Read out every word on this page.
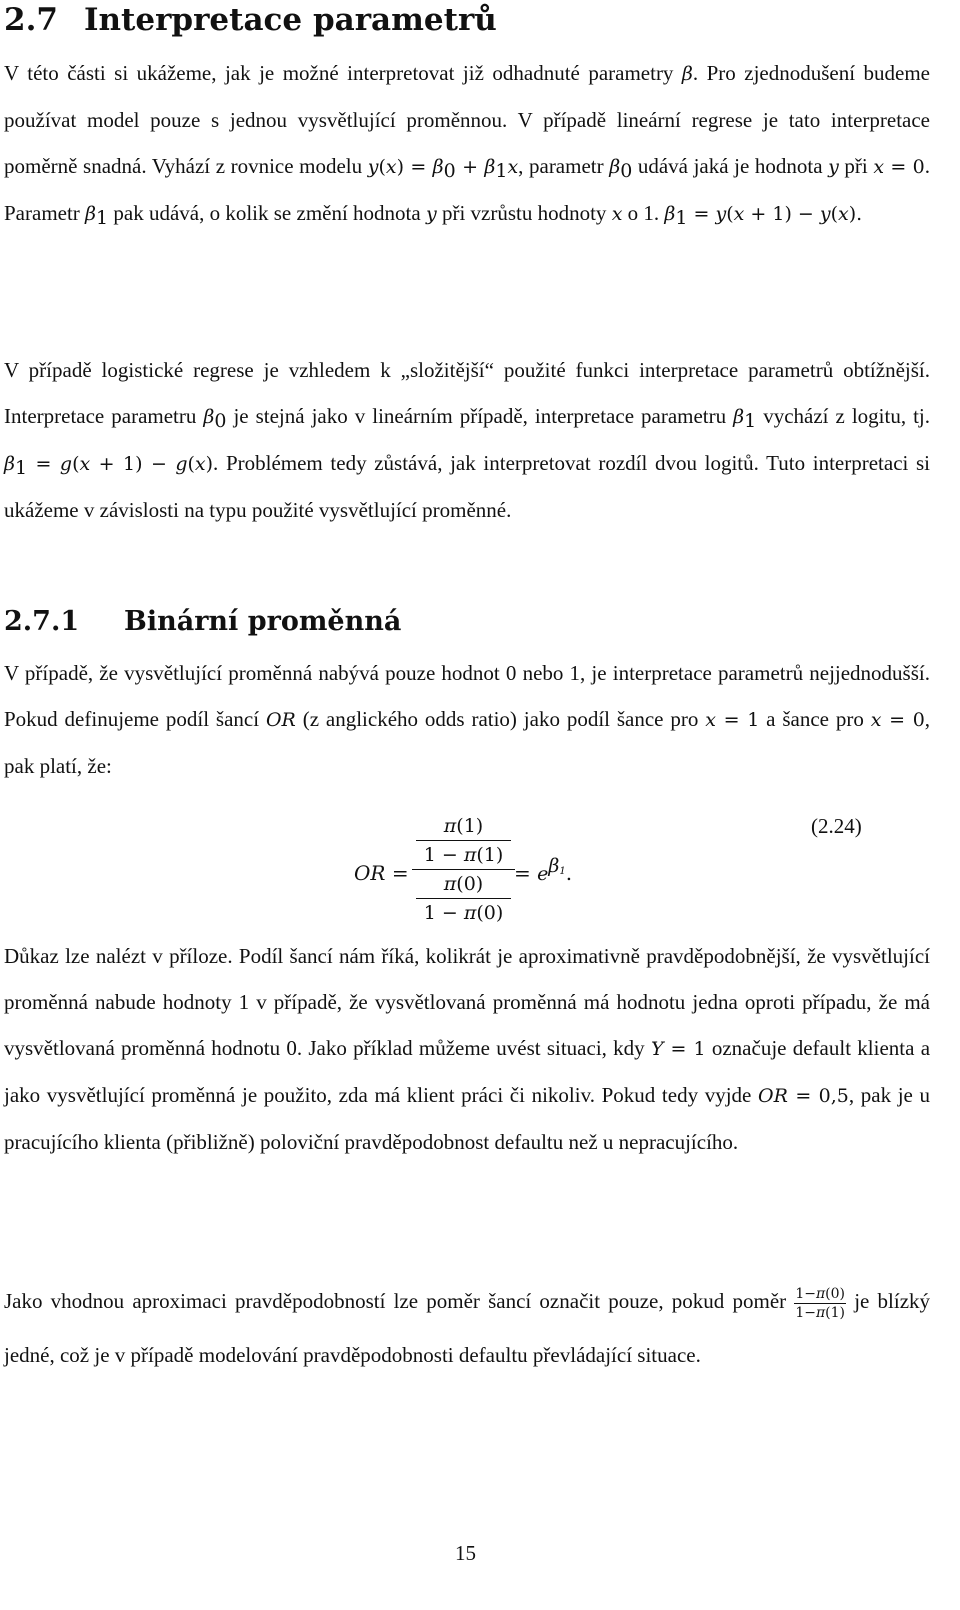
2.7 Interpretace parametrů

V této části si ukážeme, jak je možné interpretovat již odhadnuté parametry β. Pro zjednodušení budeme používat model pouze s jednou vysvětlující proměnnou. V případě lineární regrese je tato interpretace poměrně snadná. Vyhází z rovnice modelu $y(x) = \beta_0 + \beta_1x$, parametr $\beta_0$ udává jaká je hodnota y při x = 0. Parametr $\beta_1$ pak udává, o kolik se změní hodnota y při vzrůstu hodnoty x o 1. $\beta_1 = y(x + 1) - y(x)$.

V případě logistické regrese je vzhledem k „složitější“ použité funkci interpretace parametrů obtížnější. Interpretace parametru $\beta_0$ je stejná jako v lineárním případě, interpretace parametru $\beta_1$ vychází z logitu, tj. $\beta_1 = g(x + 1) - g(x)$. Problémem tedy zůstává, jak interpretovat rozdíl dvou logitů. Tuto interpretaci si ukážeme v závislosti na typu použité vysvětlující proměnné.

2.7.1 Binární proměnná

V případě, že vysvětlující proměnná nabývá pouze hodnot 0 nebo 1, je interpretace parametrů nejjednodušší. Pokud definujeme podíl šancí OR (z anglického odds ratio) jako podíl šance pro x = 1 a šance pro x = 0, pak platí, že:

OR =
π(1)
1 − π(1)
π(0)
1 − π(0)
= $e^{\beta_1}$.
(2.24)

Důkaz lze nalézt v příloze. Podíl šancí nám říká, kolikrát je aproximativně pravděpodobnější, že vysvětlující proměnná nabude hodnoty 1 v případě, že vysvětlovaná proměnná má hodnotu jedna oproti případu, že má vysvětlovaná proměnná hodnotu 0. Jako příklad můžeme uvést situaci, kdy Y = 1 označuje default klienta a jako vysvětlující proměnná je použito, zda má klient práci či nikoliv. Pokud tedy vyjde OR = 0,5, pak je u pracujícího klienta (přibližně) poloviční pravděpodobnost defaultu než u nepracujícího.

Jako vhodnou aproximaci pravděpodobností lze poměr šancí označit pouze, pokud poměr $\frac{1-\pi(0)}{1-\pi(1)}$ je blízký jedné, což je v případě modelování pravděpodobnosti defaultu převládající situace.

15
